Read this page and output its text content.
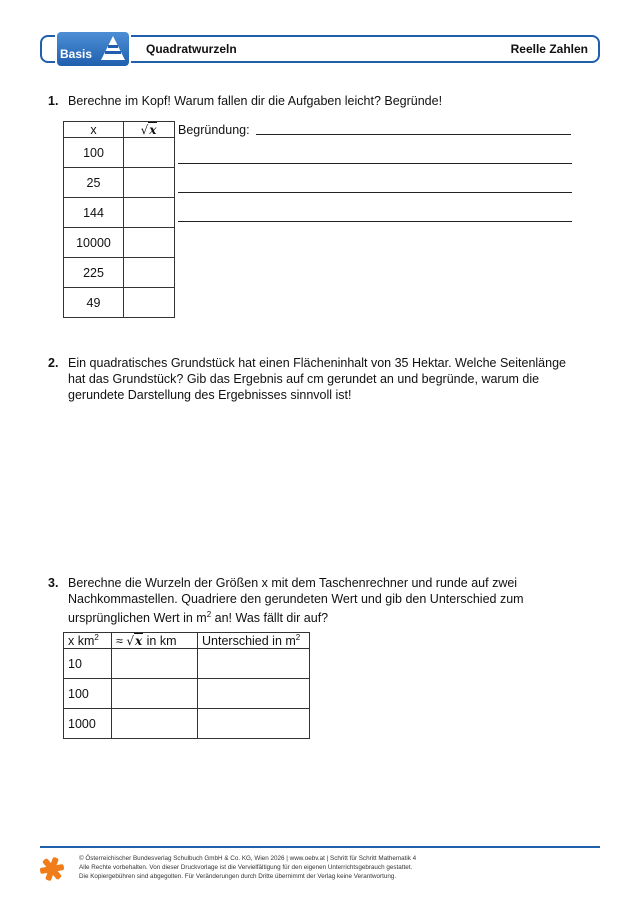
Basis	Quadratwurzeln	Reelle Zahlen
1. Berechne im Kopf! Warum fallen dir die Aufgaben leicht? Begründe!
x	√x
100	
25	
144	
10000	
225	
49	
Begründung:
2. Ein quadratisches Grundstück hat einen Flächeninhalt von 35 Hektar. Welche Seitenlänge
hat das Grundstück? Gib das Ergebnis auf cm gerundet an und begründe, warum die
gerundete Darstellung des Ergebnisses sinnvoll ist!
3. Berechne die Wurzeln der Größen x mit dem Taschenrechner und runde auf zwei
Nachkommastellen. Quadriere den gerundeten Wert und gib den Unterschied zum
ursprünglichen Wert in $m^2$ an! Was fällt dir auf?
x $km^2$	≈ √x in km	Unterschied in $m^2$
10		
100		
1000		
© Österreichischer Bundesverlag Schulbuch GmbH & Co. KG, Wien 2026 | www.oebv.at | Schritt für Schritt Mathematik 4
Alle Rechte vorbehalten. Von dieser Druckvorlage ist die Vervielfältigung für den eigenen Unterrichtsgebrauch gestattet.
Die Kopiergebühren sind abgegolten. Für Veränderungen durch Dritte übernimmt der Verlag keine Verantwortung.
